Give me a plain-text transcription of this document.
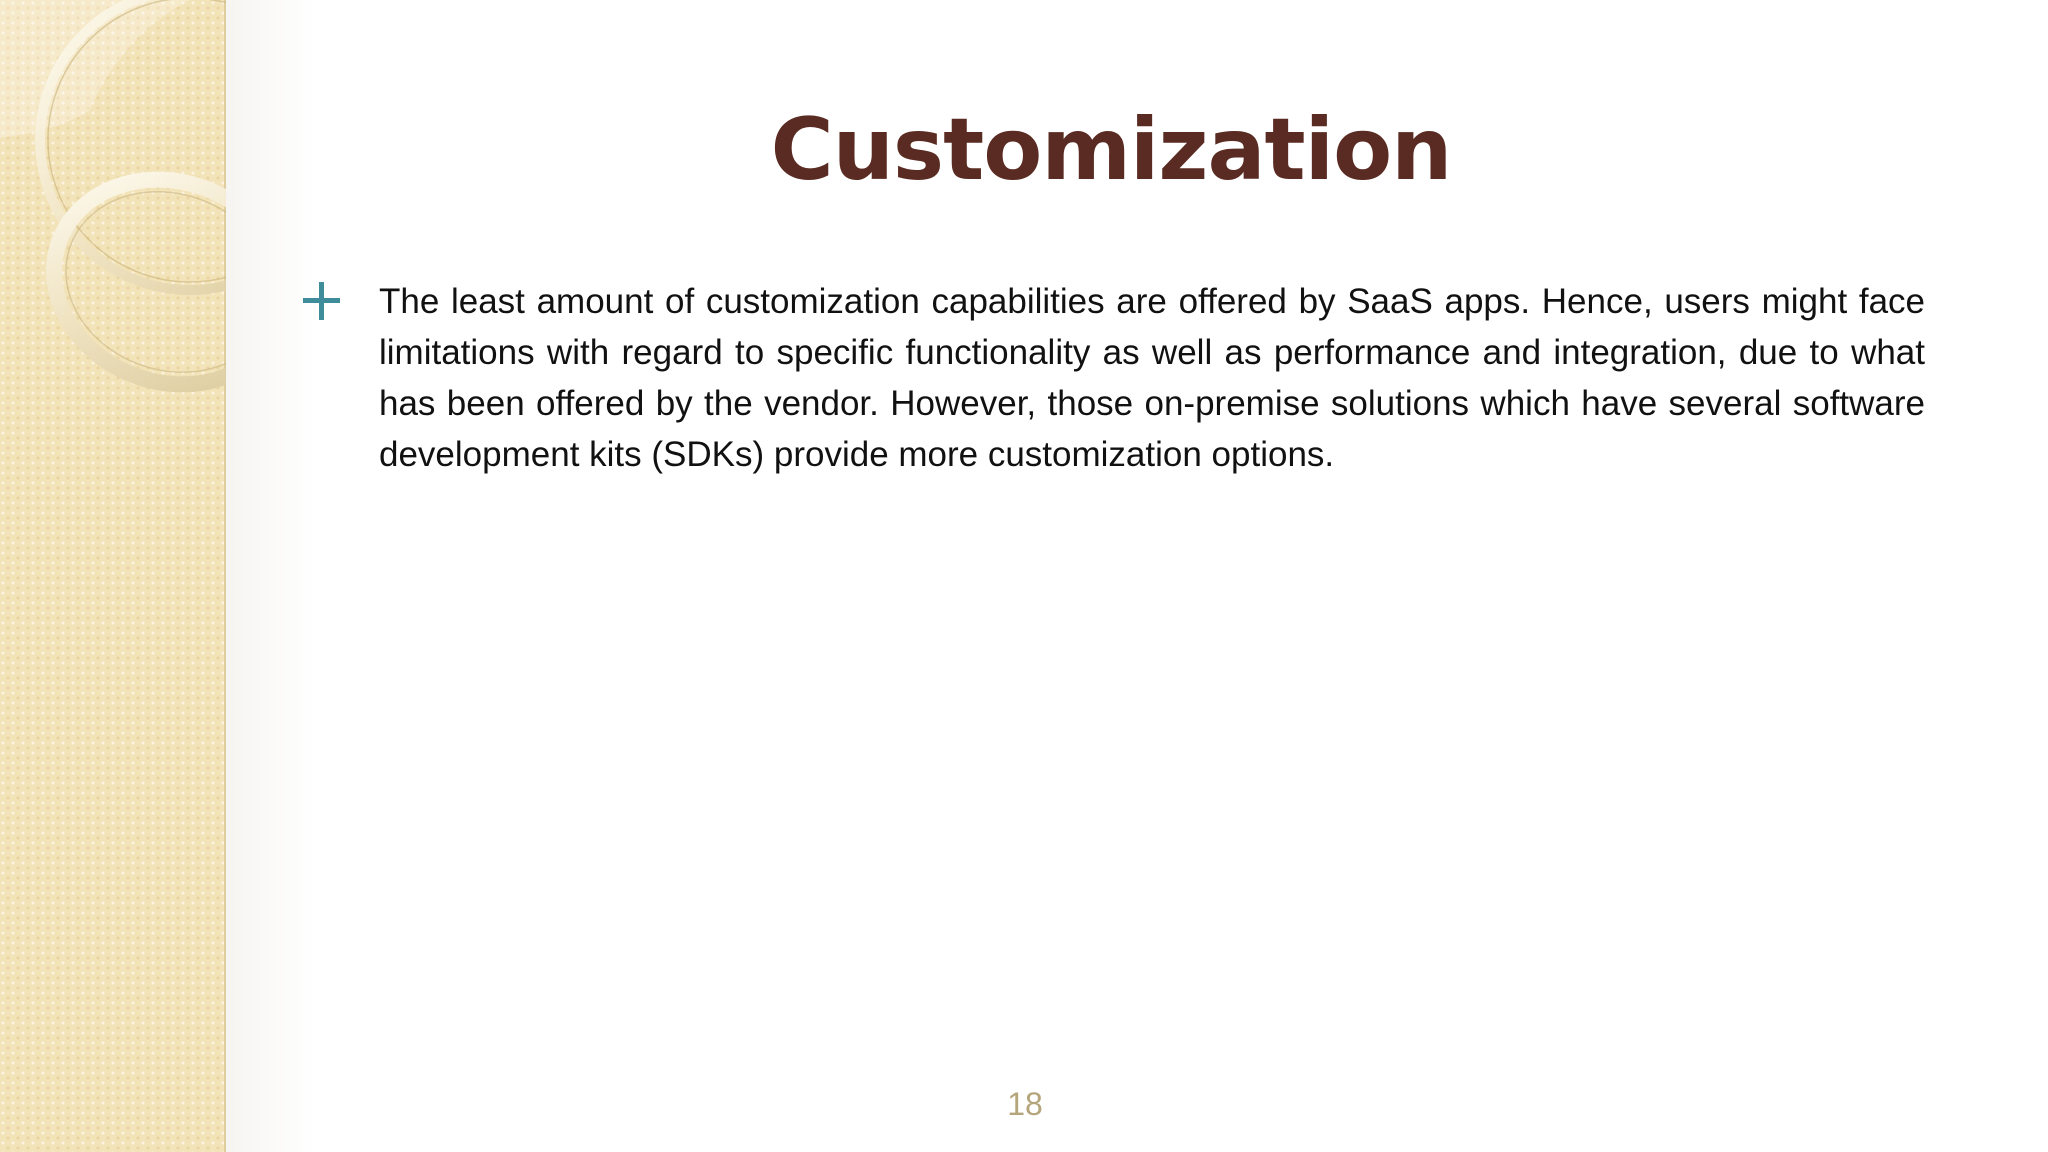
Customization

The least amount of customization capabilities are offered by SaaS apps. Hence, users might face limitations with regard to specific functionality as well as performance and integration, due to what has been offered by the vendor. However, those on-premise solutions which have several software development kits (SDKs) provide more customization options.

18
